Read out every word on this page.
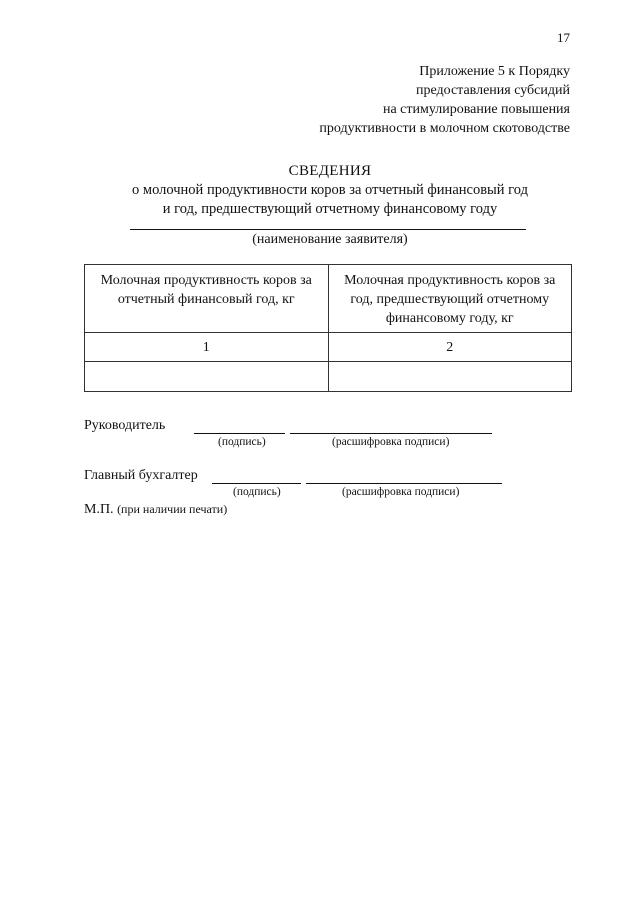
17
Приложение 5 к Порядку
предоставления субсидий
на стимулирование повышения
продуктивности в молочном скотоводстве
СВЕДЕНИЯ
о молочной продуктивности коров за отчетный финансовый год
и год, предшествующий отчетному финансовому году
(наименование заявителя)
Молочная продуктивность коров за отчетный финансовый год, кг	Молочная продуктивность коров за год, предшествующий отчетному финансовому году, кг
1	2

Руководитель
(подпись)	(расшифровка подписи)
Главный бухгалтер
(подпись)	(расшифровка подписи)
М.П. (при наличии печати)
